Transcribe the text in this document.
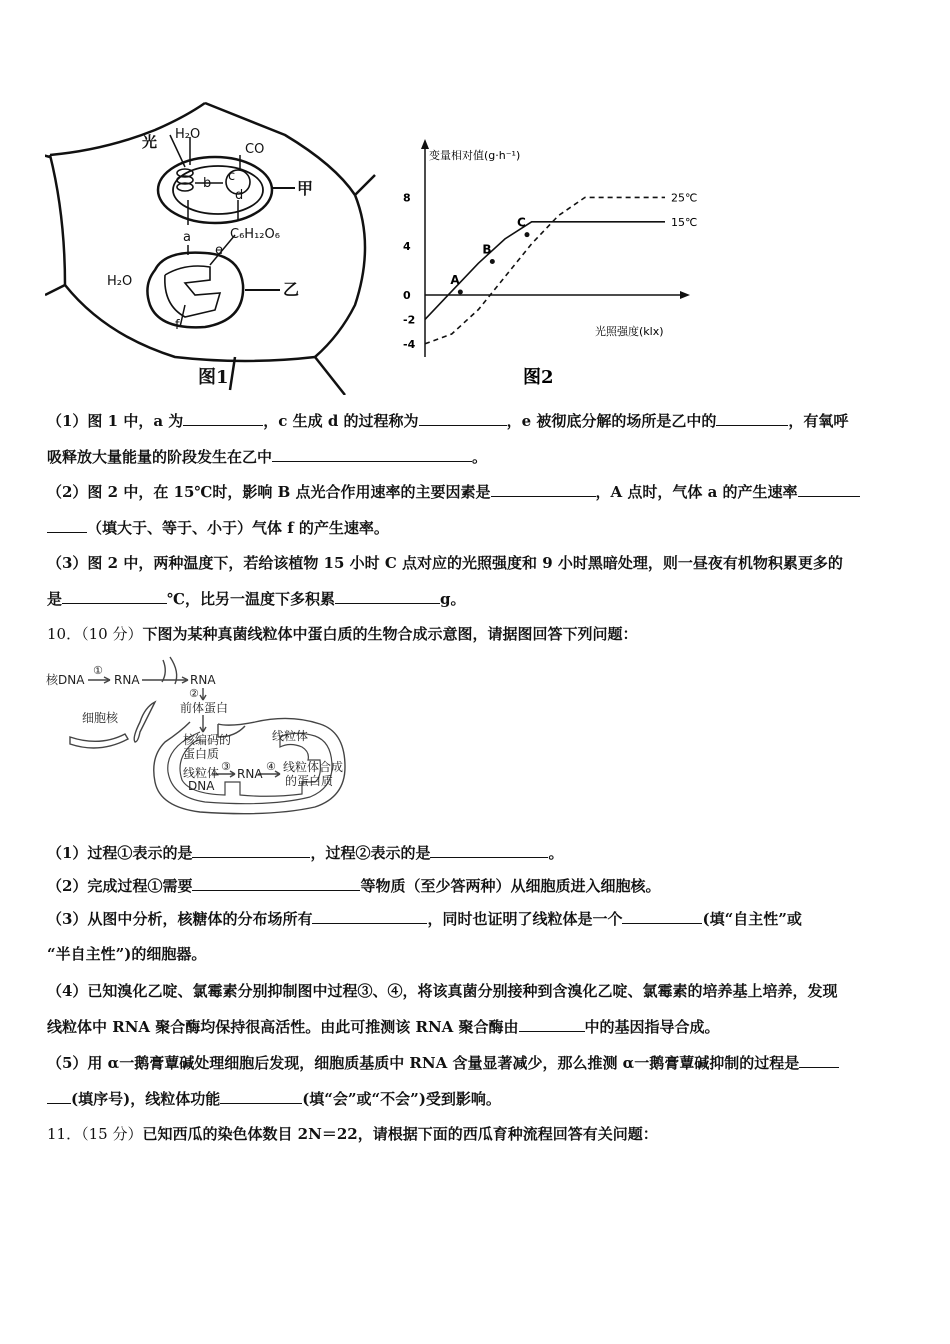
光 H₂O
CO
b c
d
a
e
C₆H₁₂O₆
H₂O
f
甲
乙
图1
变量相对值(g·h⁻¹)
光照强度(klx)
图2
8
4
0
-2
-4
25℃
15℃
A
B
C
（1）图 1 中，a 为	，c 生成 d 的过程称为	，e 被彻底分解的场所是乙中的	，有氧呼
吸释放大量能量的阶段发生在乙中	。
（2）图 2 中，在 15℃时，影响 B 点光合作用速率的主要因素是	，A 点时，气体 a 的产生速率
（填大于、等于、小于）气体 f 的产生速率。
（3）图 2 中，两种温度下，若给该植物 15 小时 C 点对应的光照强度和 9 小时黑暗处理，则一昼夜有机物积累更多的
是	℃，比另一温度下多积累	g。
10．（10 分）下图为某种真菌线粒体中蛋白质的生物合成示意图，请据图回答下列问题：
核DNA
①
RNA	RNA
②
前体蛋白
细胞核
线粒体
核编码的
蛋白质
线粒体
DNA
③
RNA
④ 线粒体合成
的蛋白质
（1）过程①表示的是	，过程②表示的是	。
（2）完成过程①需要	等物质（至少答两种）从细胞质进入细胞核。
（3）从图中分析，核糖体的分布场所有	，同时也证明了线粒体是一个	(填“自主性”或
“半自主性”)的细胞器。
（4）已知溴化乙啶、氯霉素分别抑制图中过程③、④，将该真菌分别接种到含溴化乙啶、氯霉素的培养基上培养，发现
线粒体中 RNA 聚合酶均保持很高活性。由此可推测该 RNA 聚合酶由	中的基因指导合成。
（5）用 α一鹅膏蕈碱处理细胞后发现，细胞质基质中 RNA 含量显著减少，那么推测 α一鹅膏蕈碱抑制的过程是
(填序号)，线粒体功能	(填“会”或“不会”)受到影响。
11．（15 分）已知西瓜的染色体数目 2N＝22，请根据下面的西瓜育种流程回答有关问题：
